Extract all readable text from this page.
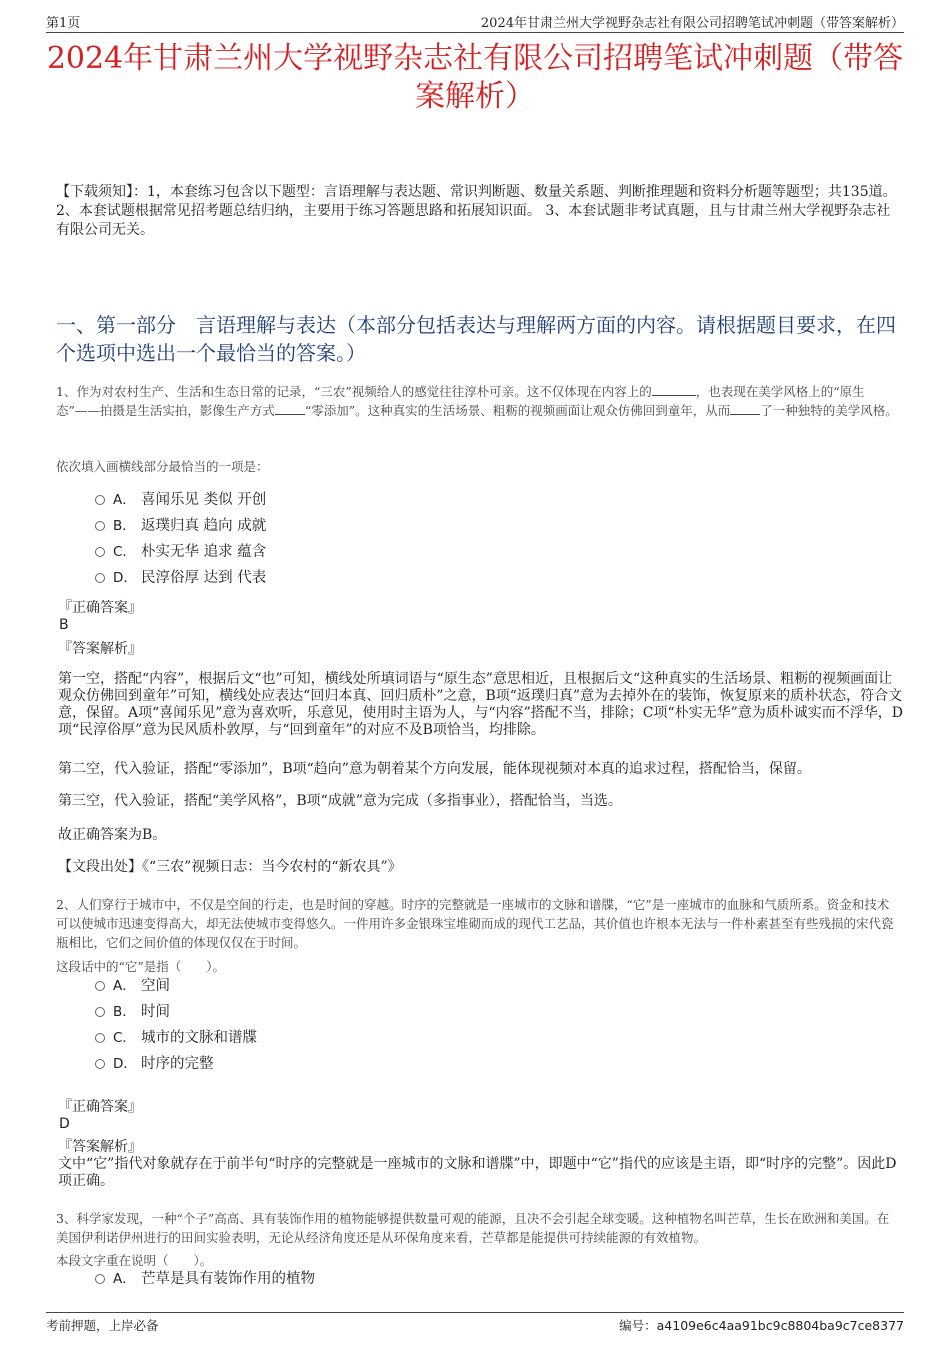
第1页	2024年甘肃兰州大学视野杂志社有限公司招聘笔试冲刺题（带答案解析）
2024年甘肃兰州大学视野杂志社有限公司招聘笔试冲刺题（带答案解析）

【下载须知】：1，本套练习包含以下题型：言语理解与表达题、常识判断题、数量关系题、判断推理题和资料分析题等题型；共135道。 2、本套试题根据常见招考题总结归纳，主要用于练习答题思路和拓展知识面。 3、本套试题非考试真题，且与甘肃兰州大学视野杂志社有限公司无关。

一、第一部分　言语理解与表达（本部分包括表达与理解两方面的内容。请根据题目要求，在四个选项中选出一个最恰当的答案。）

1、作为对农村生产、生活和生态日常的记录，“三农”视频给人的感觉往往淳朴可亲。这不仅体现在内容上的	，也表现在美学风格上的“原生态”——拍摄是生活实拍，影像生产方式 “零添加”。这种真实的生活场景、粗粝的视频画面让观众仿佛回到童年，从而 了一种独特的美学风格。

依次填入画横线部分最恰当的一项是：

A． 喜闻乐见 类似 开创
B． 返璞归真 趋向 成就
C． 朴实无华 追求 蕴含
D． 民淳俗厚 达到 代表

『正确答案』

B

『答案解析』

第一空，搭配“内容”，根据后文“也”可知，横线处所填词语与“原生态”意思相近，且根据后文“这种真实的生活场景、粗粝的视频画面让观众仿佛回到童年”可知，横线处应表达“回归本真、回归质朴”之意，B项“返璞归真”意为去掉外在的装饰，恢复原来的质朴状态，符合文意，保留。A项“喜闻乐见”意为喜欢听，乐意见，使用时主语为人，与“内容”搭配不当，排除；C项“朴实无华”意为质朴诚实而不浮华，D项“民淳俗厚”意为民风质朴敦厚，与“回到童年”的对应不及B项恰当，均排除。

第二空，代入验证，搭配“零添加”，B项“趋向”意为朝着某个方向发展，能体现视频对本真的追求过程，搭配恰当，保留。

第三空，代入验证，搭配“美学风格”，B项“成就”意为完成（多指事业），搭配恰当，当选。

故正确答案为B。

【文段出处】《“三农”视频日志：当今农村的“新农具”》

2、人们穿行于城市中，不仅是空间的行走，也是时间的穿越。时序的完整就是一座城市的文脉和谱牒，“它”是一座城市的血脉和气质所系。资金和技术可以使城市迅速变得高大，却无法使城市变得悠久。一件用许多金银珠宝堆砌而成的现代工艺品，其价值也许根本无法与一件朴素甚至有些残损的宋代瓷瓶相比，它们之间价值的体现仅仅在于时间。

这段话中的“它”是指（　　）。

A． 空间
B． 时间
C． 城市的文脉和谱牒
D． 时序的完整

『正确答案』

D

『答案解析』

文中“它”指代对象就存在于前半句“时序的完整就是一座城市的文脉和谱牒”中，即题中“它”指代的应该是主语，即“时序的完整”。因此D项正确。

3、科学家发现，一种“个子”高高、具有装饰作用的植物能够提供数量可观的能源，且决不会引起全球变暖。这种植物名叫芒草，生长在欧洲和美国。在美国伊利诺伊州进行的田间实验表明，无论从经济角度还是从环保角度来看，芒草都是能提供可持续能源的有效植物。

本段文字重在说明（　　）。

A． 芒草是具有装饰作用的植物
考前押题，上岸必备	编号：a4109e6c4aa91bc9c8804ba9c7ce8377
